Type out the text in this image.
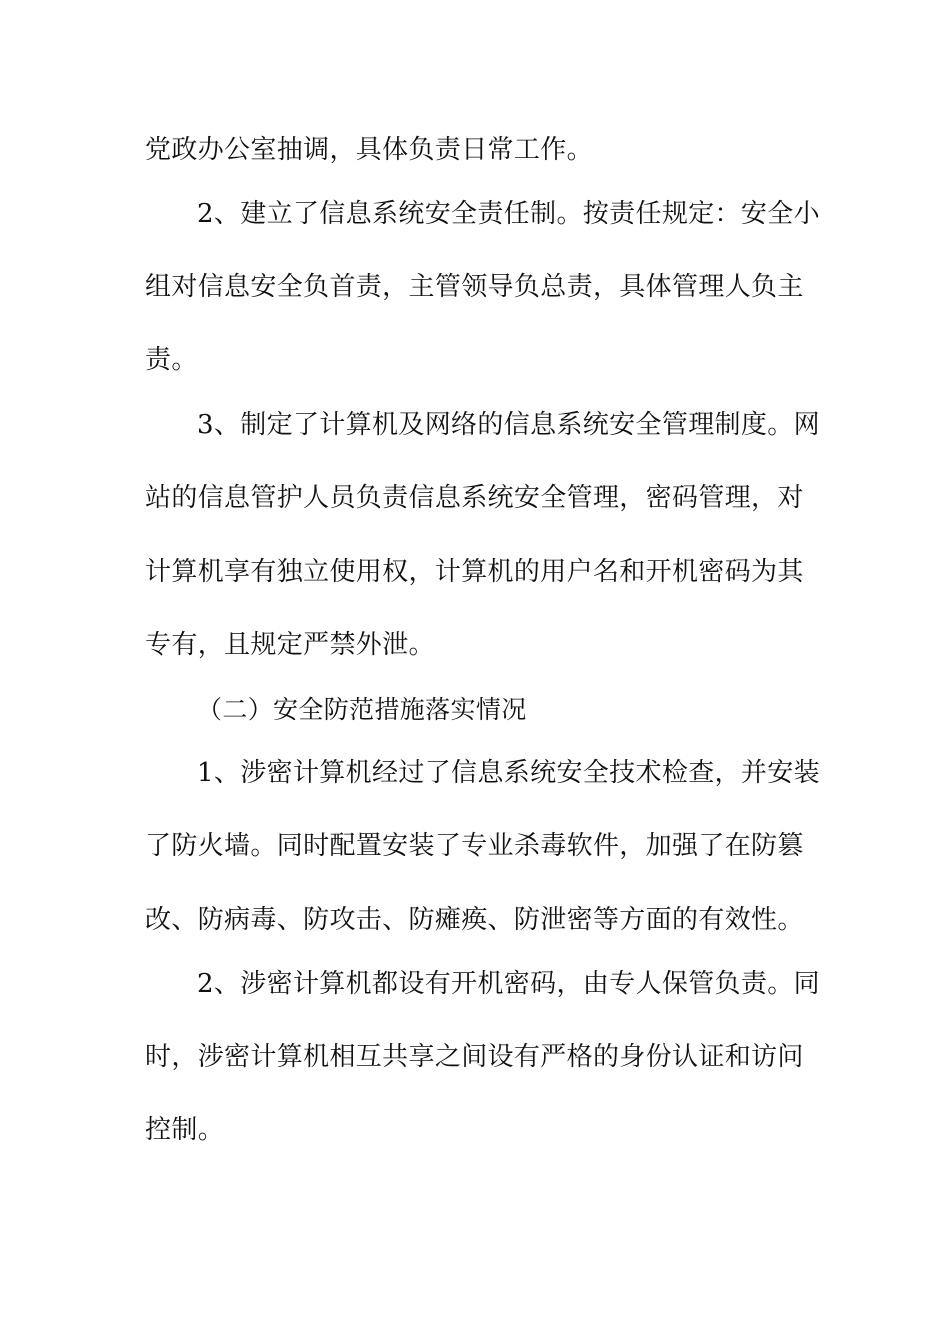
党政办公室抽调，具体负责日常工作。
2、建立了信息系统安全责任制。按责任规定：安全小
组对信息安全负首责，主管领导负总责，具体管理人负主
责。
3、制定了计算机及网络的信息系统安全管理制度。网
站的信息管护人员负责信息系统安全管理，密码管理，对
计算机享有独立使用权，计算机的用户名和开机密码为其
专有，且规定严禁外泄。
（二）安全防范措施落实情况
1、涉密计算机经过了信息系统安全技术检查，并安装
了防火墙。同时配置安装了专业杀毒软件，加强了在防篡
改、防病毒、防攻击、防瘫痪、防泄密等方面的有效性。
2、涉密计算机都设有开机密码，由专人保管负责。同
时，涉密计算机相互共享之间设有严格的身份认证和访问
控制。
